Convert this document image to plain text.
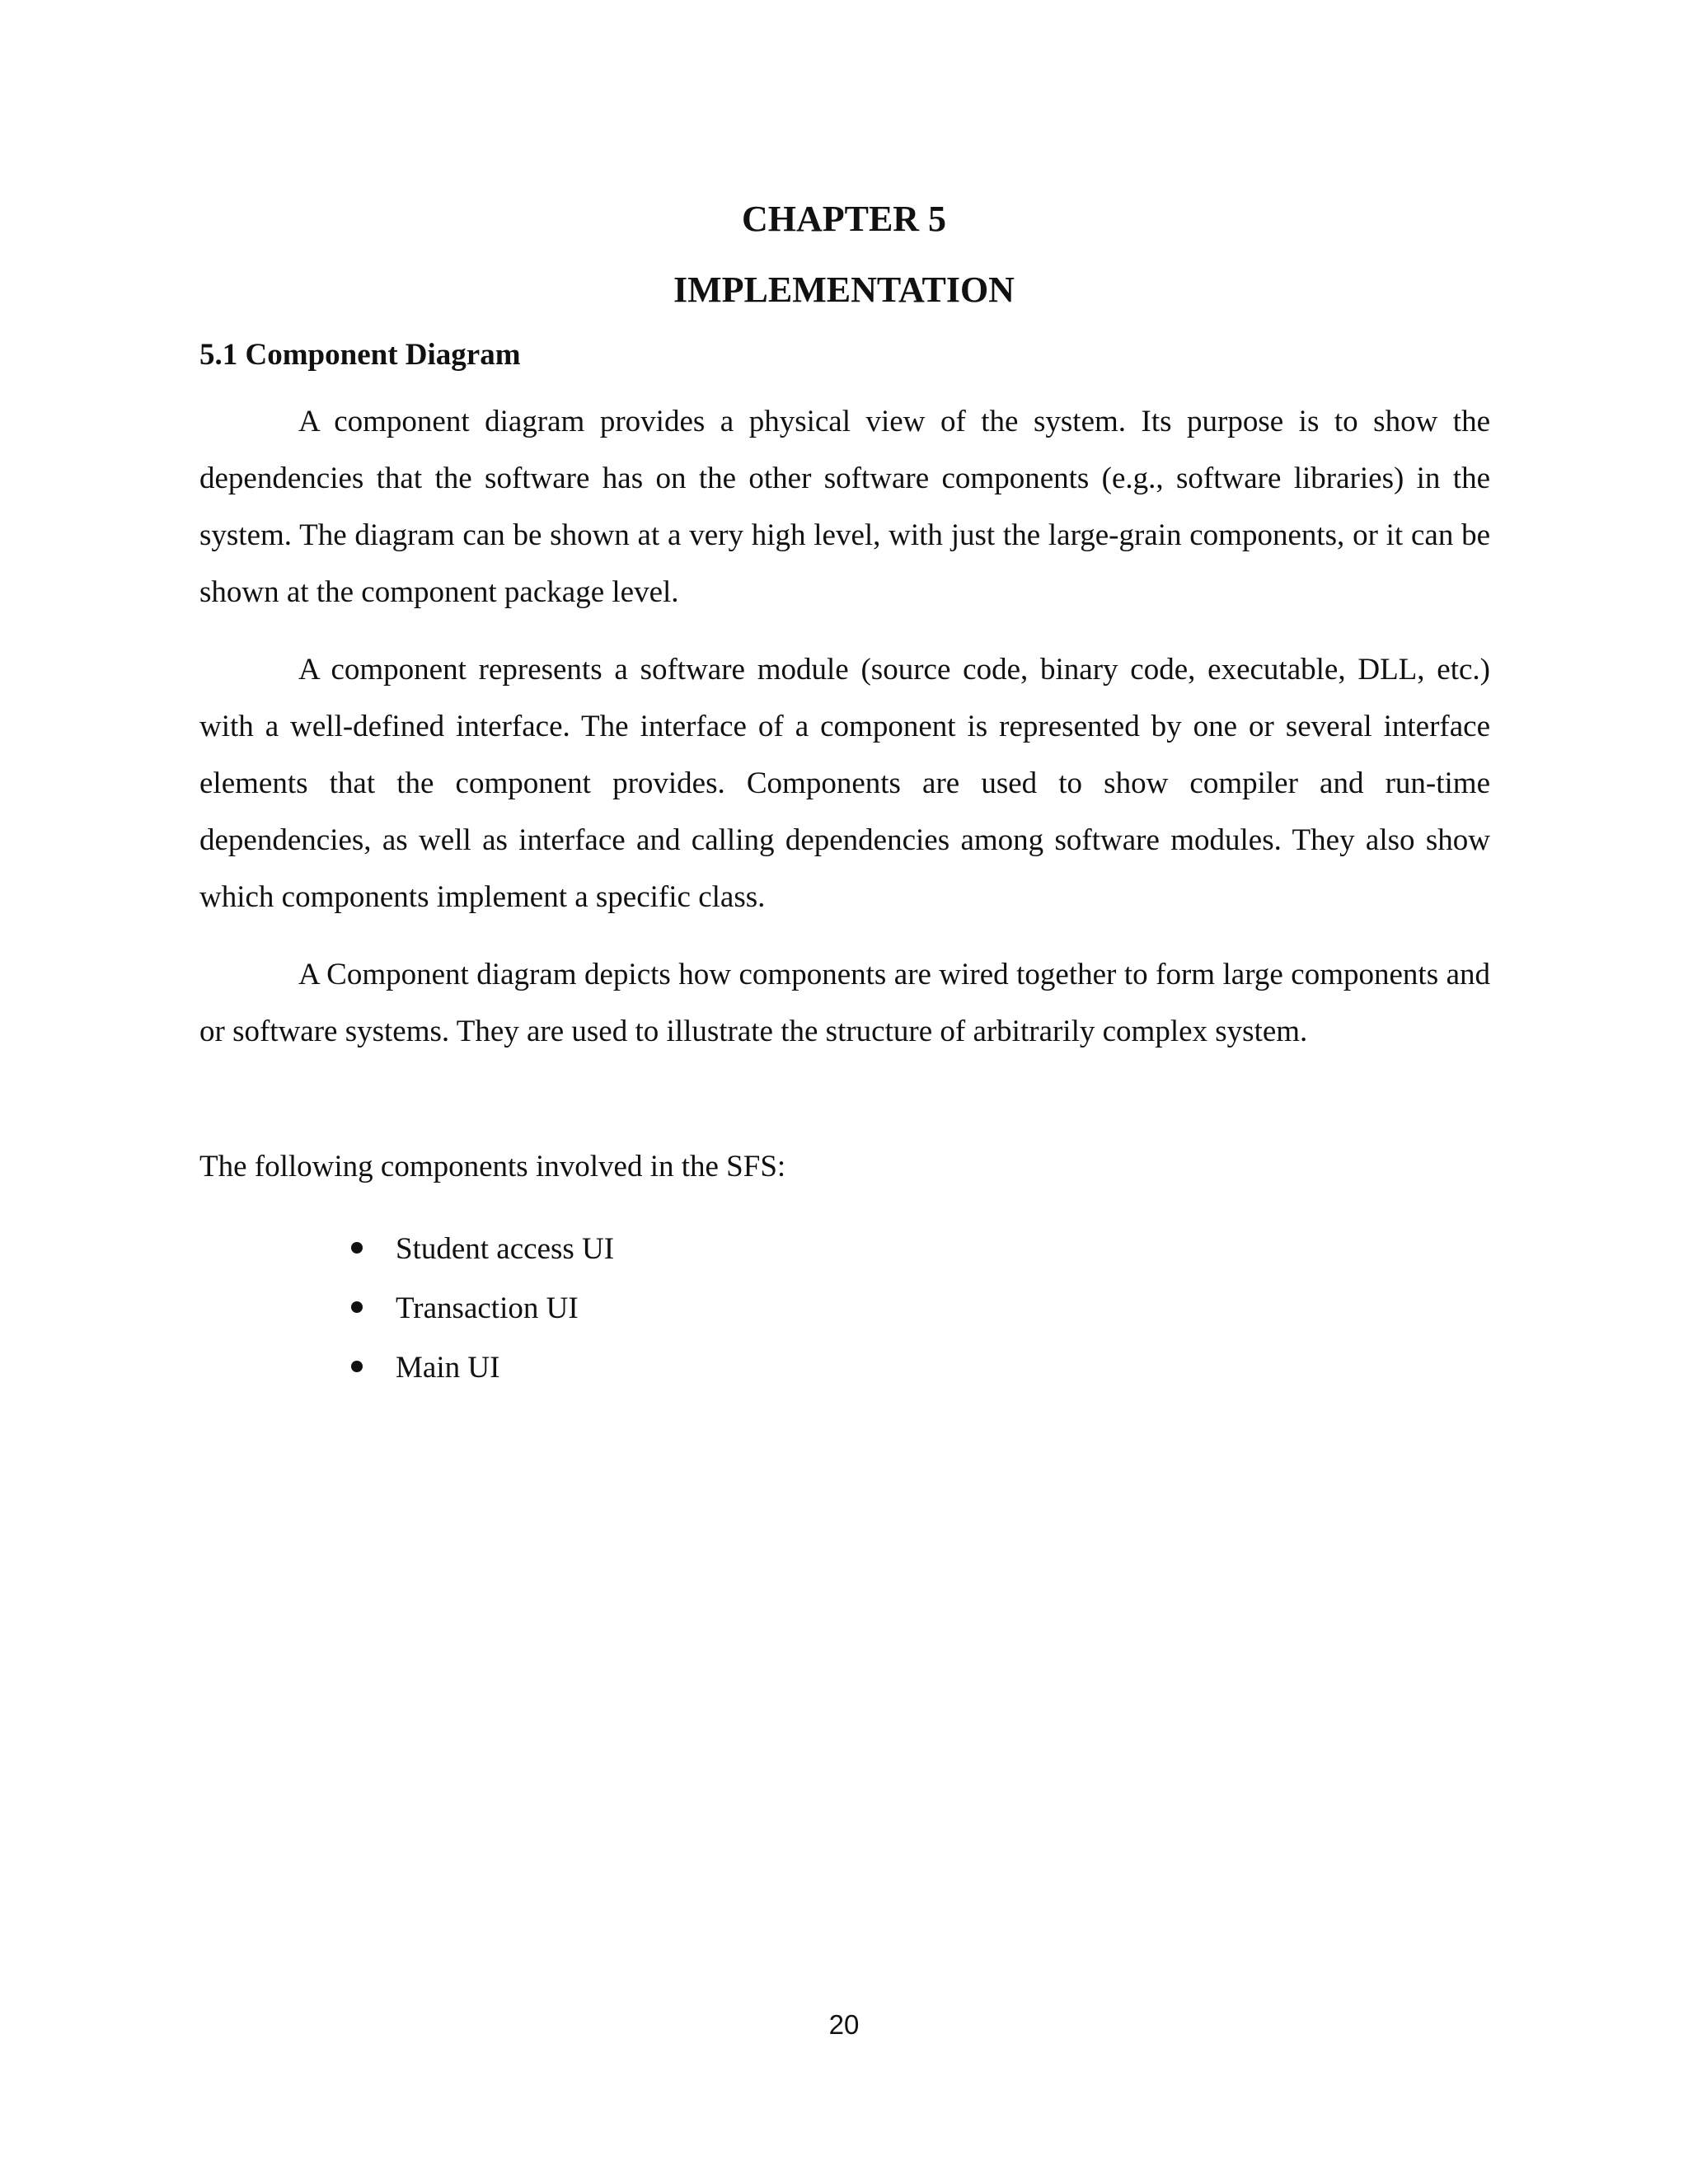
CHAPTER 5
IMPLEMENTATION
5.1 Component Diagram

A component diagram provides a physical view of the system. Its purpose is to show the dependencies that the software has on the other software components (e.g., software libraries) in the system. The diagram can be shown at a very high level, with just the large-grain components, or it can be shown at the component package level.

A component represents a software module (source code, binary code, executable, DLL, etc.) with a well-defined interface. The interface of a component is represented by one or several interface elements that the component provides. Components are used to show compiler and run-time dependencies, as well as interface and calling dependencies among software modules. They also show which components implement a specific class.

A Component diagram depicts how components are wired together to form large components and or software systems. They are used to illustrate the structure of arbitrarily complex system.

The following components involved in the SFS:

Student access UI
Transaction UI
Main UI

20
